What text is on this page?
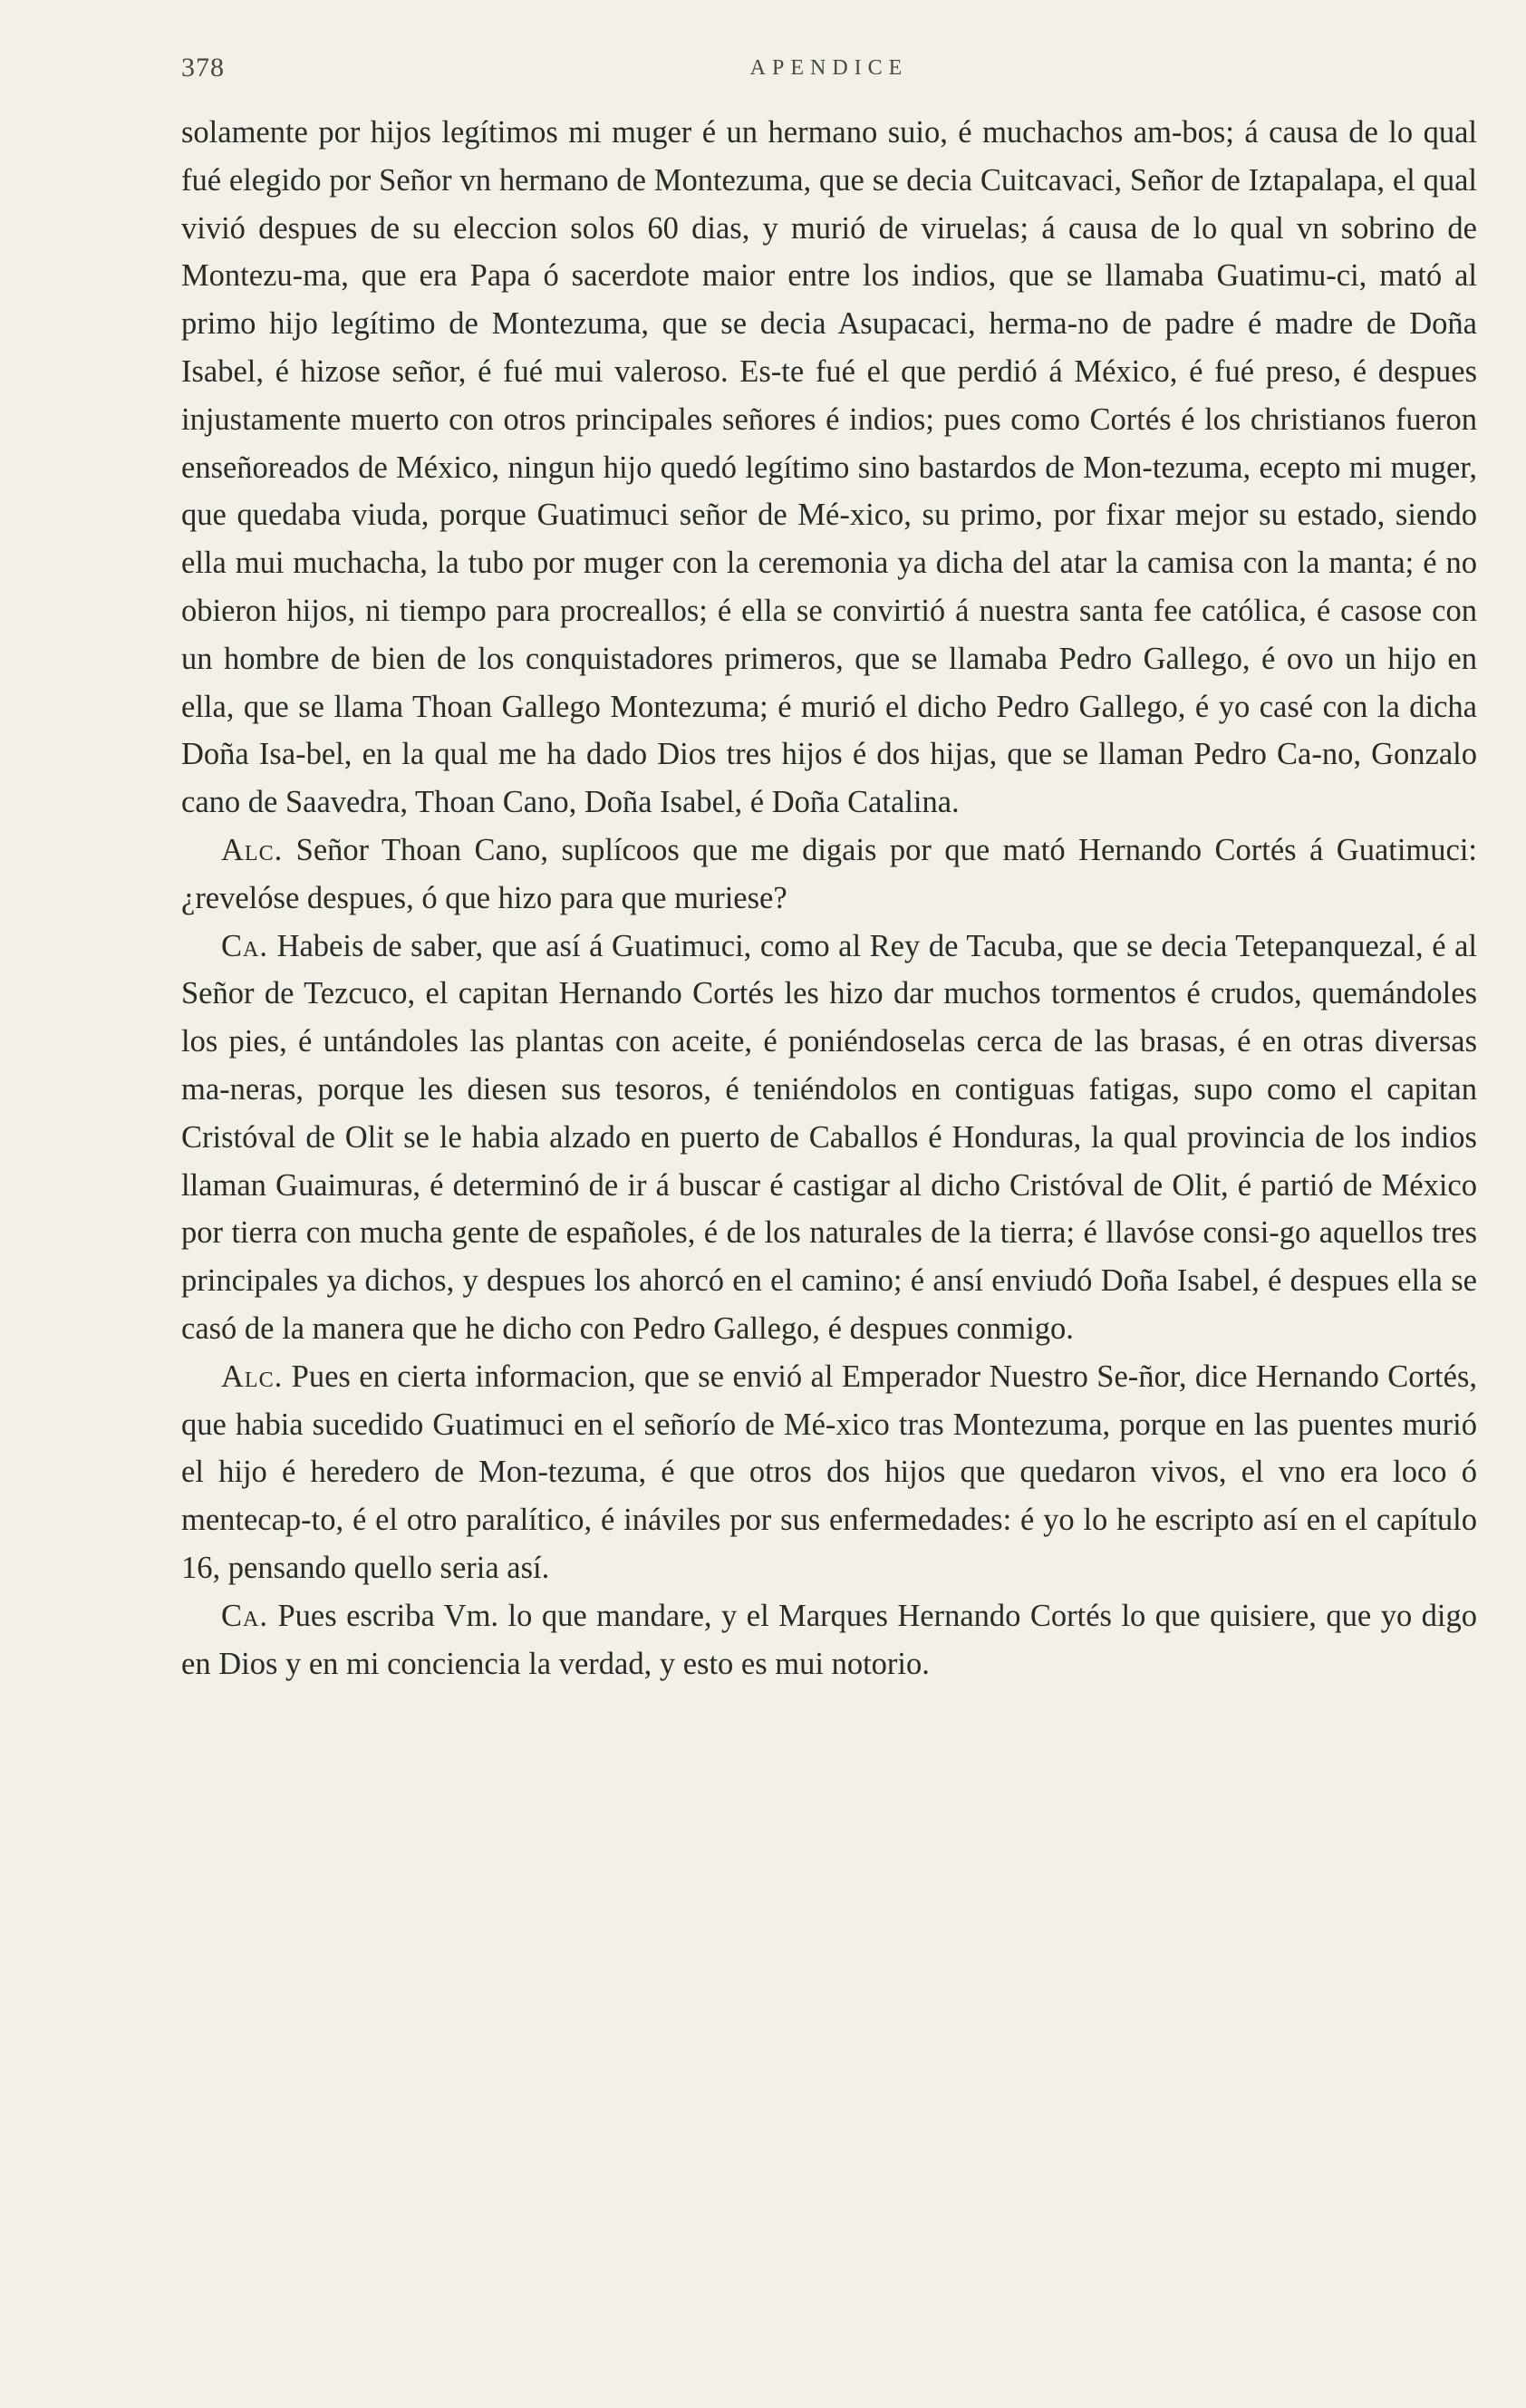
378	APENDICE

solamente por hijos legítimos mi muger é un hermano suio, é muchachos am-bos; á causa de lo qual fué elegido por Señor vn hermano de Montezuma, que se decia Cuitcavaci, Señor de Iztapalapa, el qual vivió despues de su eleccion solos 60 dias, y murió de viruelas; á causa de lo qual vn sobrino de Montezu-ma, que era Papa ó sacerdote maior entre los indios, que se llamaba Guatimu-ci, mató al primo hijo legítimo de Montezuma, que se decia Asupacaci, herma-no de padre é madre de Doña Isabel, é hizose señor, é fué mui valeroso. Es-te fué el que perdió á México, é fué preso, é despues injustamente muerto con otros principales señores é indios; pues como Cortés é los christianos fueron enseñoreados de México, ningun hijo quedó legítimo sino bastardos de Mon-tezuma, ecepto mi muger, que quedaba viuda, porque Guatimuci señor de Mé-xico, su primo, por fixar mejor su estado, siendo ella mui muchacha, la tubo por muger con la ceremonia ya dicha del atar la camisa con la manta; é no obieron hijos, ni tiempo para procreallos; é ella se convirtió á nuestra santa fee católica, é casose con un hombre de bien de los conquistadores primeros, que se llamaba Pedro Gallego, é ovo un hijo en ella, que se llama Thoan Gallego Montezuma; é murió el dicho Pedro Gallego, é yo casé con la dicha Doña Isa-bel, en la qual me ha dado Dios tres hijos é dos hijas, que se llaman Pedro Ca-no, Gonzalo cano de Saavedra, Thoan Cano, Doña Isabel, é Doña Catalina.

Alc. Señor Thoan Cano, suplícoos que me digais por que mató Hernando Cortés á Guatimuci: ¿revelóse despues, ó que hizo para que muriese?

Ca. Habeis de saber, que así á Guatimuci, como al Rey de Tacuba, que se decia Tetepanquezal, é al Señor de Tezcuco, el capitan Hernando Cortés les hizo dar muchos tormentos é crudos, quemándoles los pies, é untándoles las plantas con aceite, é poniéndoselas cerca de las brasas, é en otras diversas ma-neras, porque les diesen sus tesoros, é teniéndolos en contiguas fatigas, supo como el capitan Cristóval de Olit se le habia alzado en puerto de Caballos é Honduras, la qual provincia de los indios llaman Guaimuras, é determinó de ir á buscar é castigar al dicho Cristóval de Olit, é partió de México por tierra con mucha gente de españoles, é de los naturales de la tierra; é llavóse consi-go aquellos tres principales ya dichos, y despues los ahorcó en el camino; é ansí enviudó Doña Isabel, é despues ella se casó de la manera que he dicho con Pedro Gallego, é despues conmigo.

Alc. Pues en cierta informacion, que se envió al Emperador Nuestro Se-ñor, dice Hernando Cortés, que habia sucedido Guatimuci en el señorío de Mé-xico tras Montezuma, porque en las puentes murió el hijo é heredero de Mon-tezuma, é que otros dos hijos que quedaron vivos, el vno era loco ó mentecap-to, é el otro paralítico, é ináviles por sus enfermedades: é yo lo he escripto así en el capítulo 16, pensando quello seria así.

Ca. Pues escriba Vm. lo que mandare, y el Marques Hernando Cortés lo que quisiere, que yo digo en Dios y en mi conciencia la verdad, y esto es mui notorio.
